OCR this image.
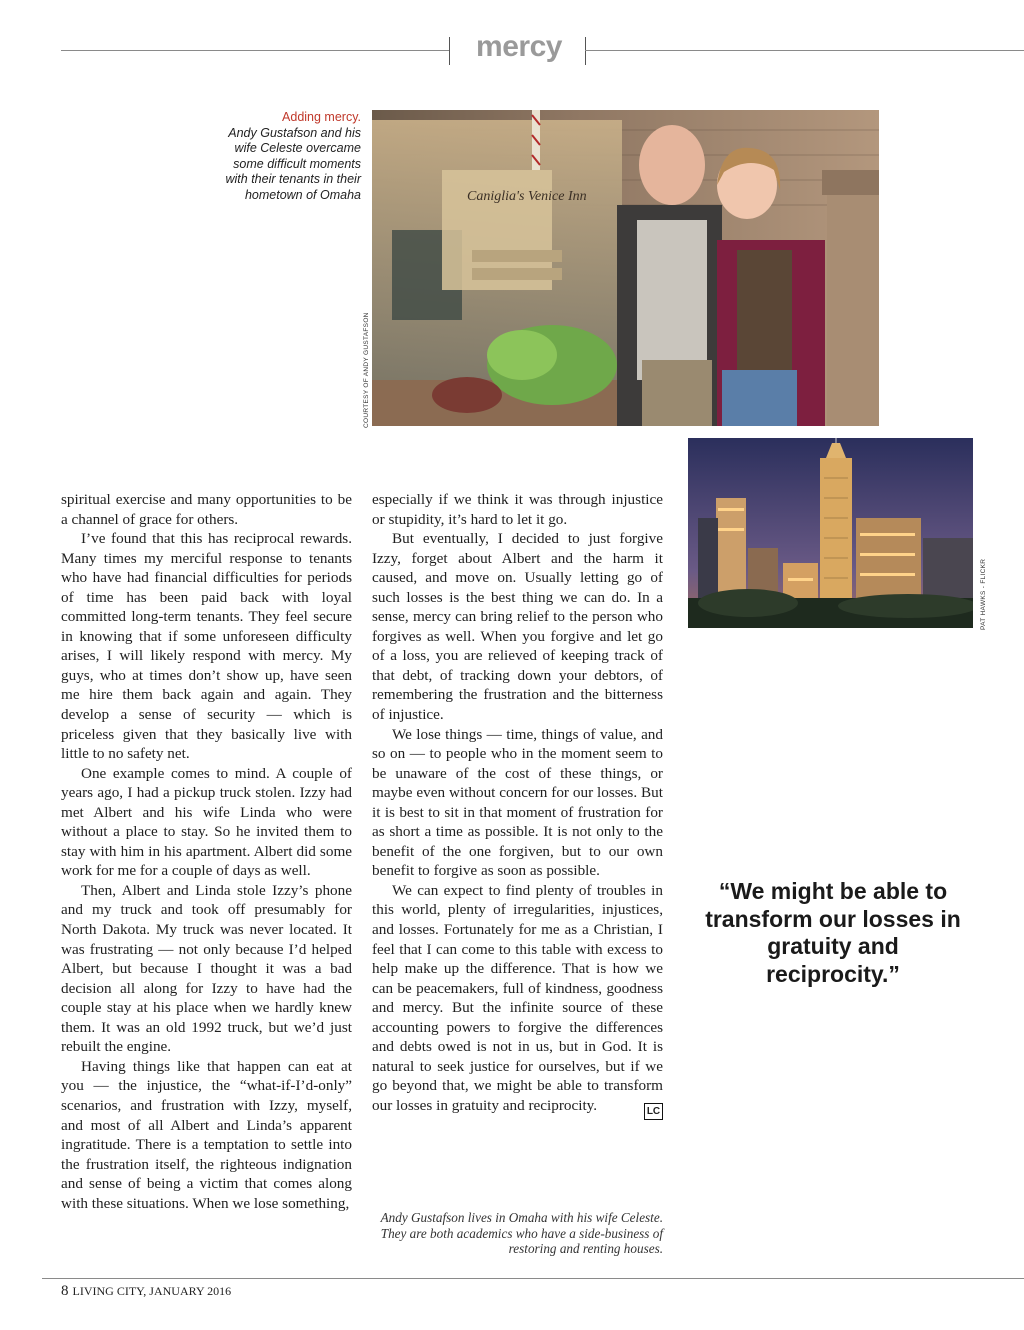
mercy
Adding mercy.
Andy Gustafson and his wife Celeste overcame some difficult moments with their tenants in their hometown of Omaha	Caniglia's Venice Inn
COURTESY OF ANDY GUSTAFSON
PAT HAWKS - FLICKR

spiritual exercise and many opportunities to be a channel of grace for others.

I’ve found that this has reciprocal rewards. Many times my merciful response to tenants who have had financial difficulties for periods of time has been paid back with loyal committed long-term tenants. They feel secure in knowing that if some unforeseen difficulty arises, I will likely respond with mercy. My guys, who at times don’t show up, have seen me hire them back again and again. They develop a sense of security — which is priceless given that they basically live with little to no safety net.

One example comes to mind. A couple of years ago, I had a pickup truck stolen. Izzy had met Albert and his wife Linda who were without a place to stay. So he invited them to stay with him in his apartment. Albert did some work for me for a couple of days as well.

Then, Albert and Linda stole Izzy’s phone and my truck and took off presumably for North Dakota. My truck was never located. It was frustrating — not only because I’d helped Albert, but because I thought it was a bad decision all along for Izzy to have had the couple stay at his place when we hardly knew them. It was an old 1992 truck, but we’d just rebuilt the engine.

Having things like that happen can eat at you — the injustice, the “what-if-I’d-only” scenarios, and frustration with Izzy, myself, and most of all Albert and Linda’s apparent ingratitude. There is a temptation to settle into the frustration itself, the righteous indignation and sense of being a victim that comes along with these situations. When we lose something,

especially if we think it was through injustice or stupidity, it’s hard to let it go.

But eventually, I decided to just forgive Izzy, forget about Albert and the harm it caused, and move on. Usually letting go of such losses is the best thing we can do. In a sense, mercy can bring relief to the person who forgives as well. When you forgive and let go of a loss, you are relieved of keeping track of that debt, of tracking down your debtors, of remembering the frustration and the bitterness of injustice.

We lose things — time, things of value, and so on — to people who in the moment seem to be unaware of the cost of these things, or maybe even without concern for our losses. But it is best to sit in that moment of frustration for as short a time as possible. It is not only to the benefit of the one forgiven, but to our own benefit to forgive as soon as possible.

We can expect to find plenty of troubles in this world, plenty of irregularities, injustices, and losses. Fortunately for me as a Christian, I feel that I can come to this table with excess to help make up the difference. That is how we can be peacemakers, full of kindness, goodness and mercy. But the infinite source of these accounting powers to forgive the differences and debts owed is not in us, but in God. It is natural to seek justice for ourselves, but if we go beyond that, we might be able to transform our losses in gratuity and reciprocity.	LC

Andy Gustafson lives in Omaha with his wife Celeste. They are both academics who have a side-business of restoring and renting houses.
“We might be able to transform our losses in gratuity and reciprocity.”
8 LIVING CITY, JANUARY 2016
